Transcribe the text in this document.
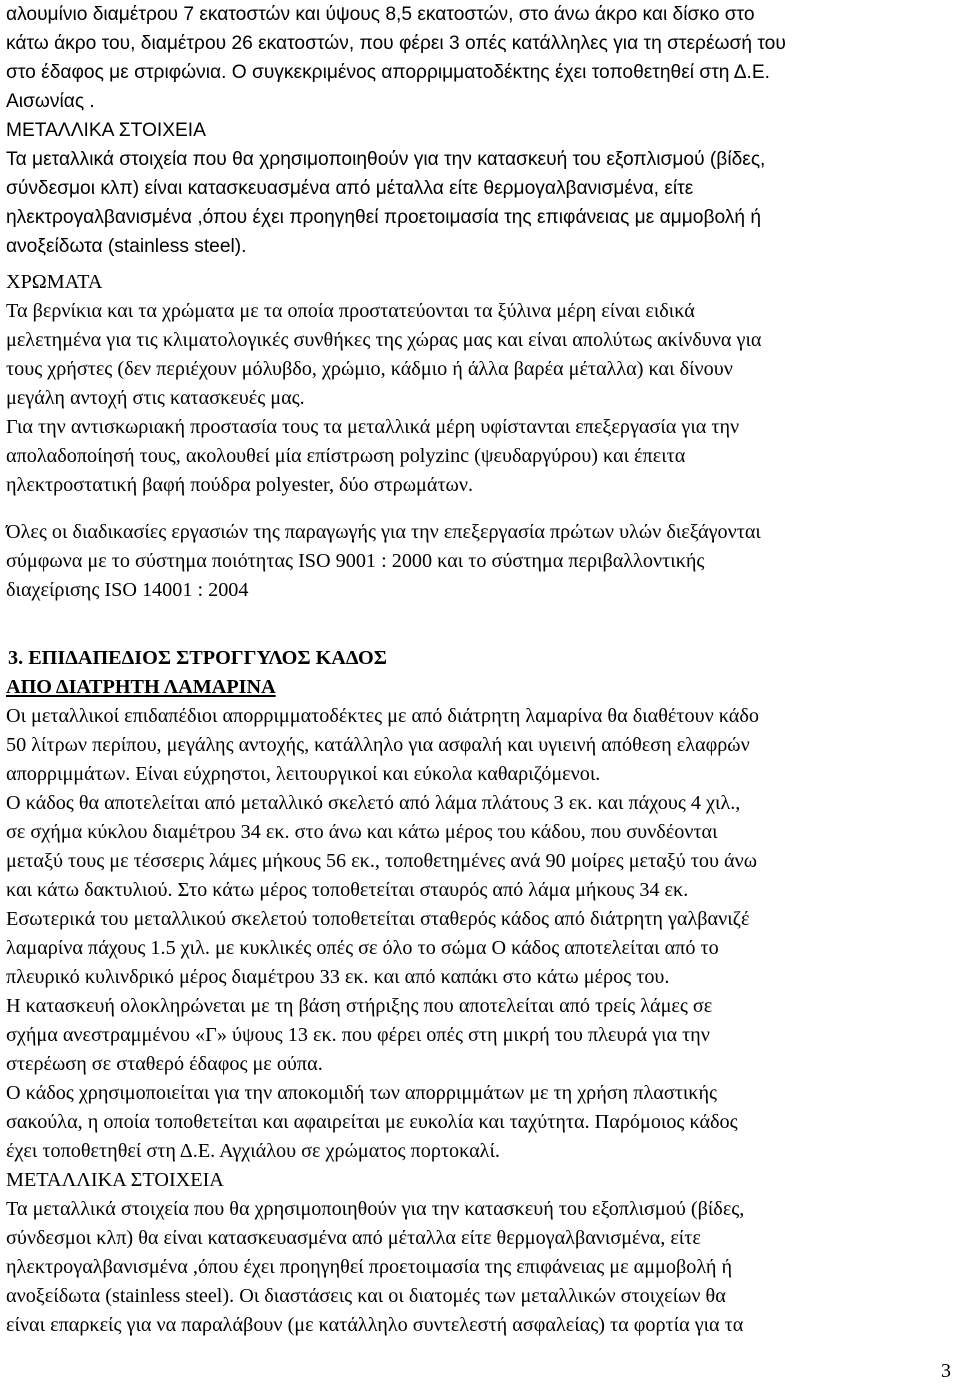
αλουμίνιο διαμέτρου 7 εκατοστών και ύψους 8,5 εκατοστών, στο άνω άκρο και δίσκο στο
κάτω άκρο του, διαμέτρου 26 εκατοστών, που φέρει 3 οπές κατάλληλες για τη στερέωσή του
στο έδαφος με στριφώνια. Ο συγκεκριμένος απορριμματοδέκτης έχει τοποθετηθεί στη Δ.Ε.
Αισωνίας .
ΜΕΤΑΛΛΙΚΑ ΣΤΟΙΧΕΙΑ
Τα μεταλλικά στοιχεία που θα χρησιμοποιηθούν για την κατασκευή του εξοπλισμού (βίδες,
σύνδεσμοι κλπ) είναι κατασκευασμένα από μέταλλα είτε θερμογαλβανισμένα, είτε
ηλεκτρογαλβανισμένα ,όπου έχει προηγηθεί προετοιμασία της επιφάνειας με αμμοβολή ή
ανοξείδωτα (stainless steel).
ΧΡΩΜΑΤΑ
Τα βερνίκια και τα χρώματα με τα οποία προστατεύονται τα ξύλινα μέρη είναι ειδικά
μελετημένα για τις κλιματολογικές συνθήκες της χώρας μας και είναι απολύτως ακίνδυνα για
τους χρήστες (δεν περιέχουν μόλυβδο, χρώμιο, κάδμιο ή άλλα βαρέα μέταλλα) και δίνουν
μεγάλη αντοχή στις κατασκευές μας.
Για την αντισκωριακή προστασία τους τα μεταλλικά μέρη υφίστανται επεξεργασία για την
απολαδοποίησή τους, ακολουθεί μία επίστρωση polyzinc (ψευδαργύρου) και έπειτα
ηλεκτροστατική βαφή πούδρα polyester, δύο στρωμάτων.
Όλες οι διαδικασίες εργασιών της παραγωγής για την επεξεργασία πρώτων υλών διεξάγονται
σύμφωνα με το σύστημα ποιότητας ISO 9001 : 2000 και το σύστημα περιβαλλοντικής
διαχείρισης ISO 14001 : 2004
3. ΕΠΙΔΑΠΕΔΙΟΣ ΣΤΡΟΓΓΥΛΟΣ ΚΑΔΟΣ
ΑΠΟ ΔΙΑΤΡΗΤΗ ΛΑΜΑΡΙΝΑ
Οι μεταλλικοί επιδαπέδιοι απορριμματοδέκτες με από διάτρητη λαμαρίνα θα διαθέτουν κάδο
50 λίτρων περίπου, μεγάλης αντοχής, κατάλληλο για ασφαλή και υγιεινή απόθεση ελαφρών
απορριμμάτων. Είναι εύχρηστοι, λειτουργικοί και εύκολα καθαριζόμενοι.
Ο κάδος θα αποτελείται από μεταλλικό σκελετό από λάμα πλάτους 3 εκ. και πάχους 4 χιλ.,
σε σχήμα κύκλου διαμέτρου 34 εκ. στο άνω και κάτω μέρος του κάδου, που συνδέονται
μεταξύ τους με τέσσερις λάμες μήκους 56 εκ., τοποθετημένες ανά 90 μοίρες μεταξύ του άνω
και κάτω δακτυλιού. Στο κάτω μέρος τοποθετείται σταυρός από λάμα μήκους 34 εκ.
Εσωτερικά του μεταλλικού σκελετού τοποθετείται σταθερός κάδος από διάτρητη γαλβανιζέ
λαμαρίνα πάχους 1.5 χιλ. με κυκλικές οπές σε όλο το σώμα Ο κάδος αποτελείται από το
πλευρικό κυλινδρικό μέρος διαμέτρου 33 εκ. και από καπάκι στο κάτω μέρος του.
Η κατασκευή ολοκληρώνεται με τη βάση στήριξης που αποτελείται από τρείς λάμες σε
σχήμα ανεστραμμένου «Γ» ύψους 13 εκ. που φέρει οπές στη μικρή του πλευρά για την
στερέωση σε σταθερό έδαφος με ούπα.
Ο κάδος χρησιμοποιείται για την αποκομιδή των απορριμμάτων με τη χρήση πλαστικής
σακούλα, η οποία τοποθετείται και αφαιρείται με ευκολία και ταχύτητα. Παρόμοιος κάδος
έχει τοποθετηθεί στη Δ.Ε. Αγχιάλου σε χρώματος πορτοκαλί.
ΜΕΤΑΛΛΙΚΑ ΣΤΟΙΧΕΙΑ
Τα μεταλλικά στοιχεία που θα χρησιμοποιηθούν για την κατασκευή του εξοπλισμού (βίδες,
σύνδεσμοι κλπ) θα είναι κατασκευασμένα από μέταλλα είτε θερμογαλβανισμένα, είτε
ηλεκτρογαλβανισμένα ,όπου έχει προηγηθεί προετοιμασία της επιφάνειας με αμμοβολή ή
ανοξείδωτα (stainless steel). Οι διαστάσεις και οι διατομές των μεταλλικών στοιχείων θα
είναι επαρκείς για να παραλάβουν (με κατάλληλο συντελεστή ασφαλείας) τα φορτία για τα
3
